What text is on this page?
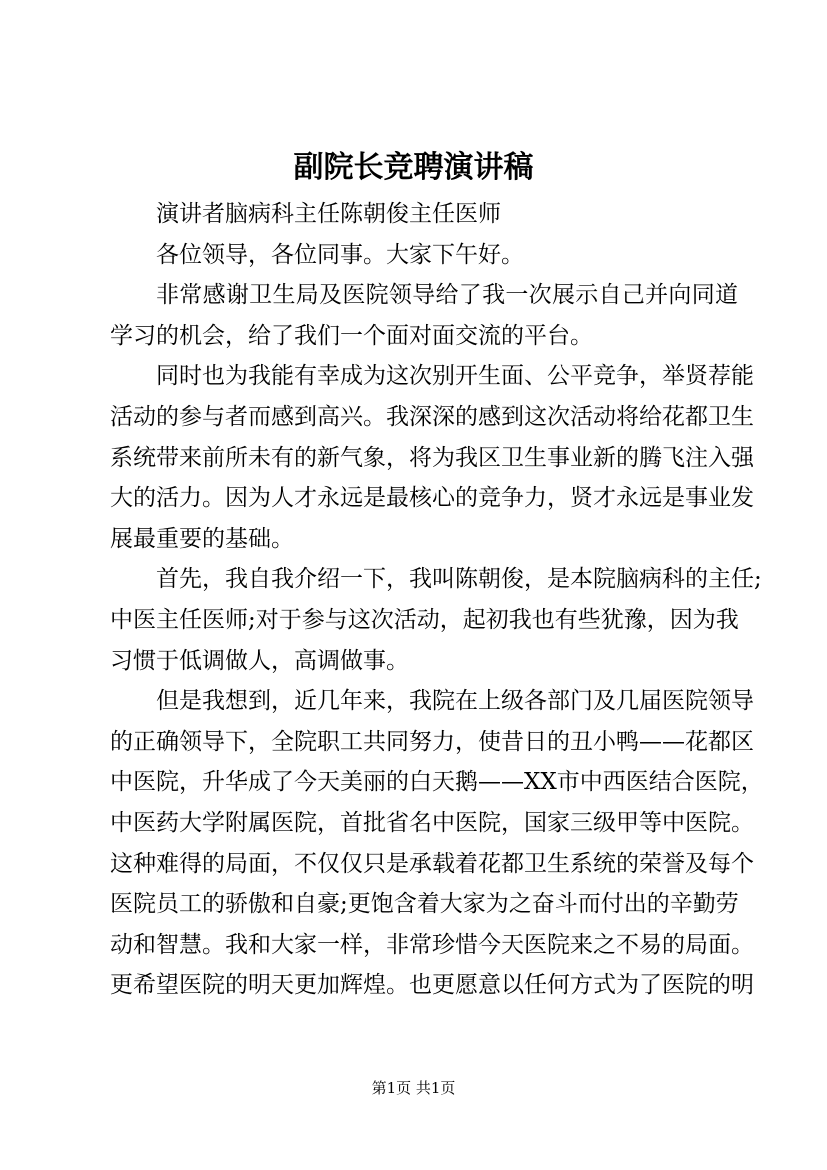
副院长竞聘演讲稿
演讲者脑病科主任陈朝俊主任医师
各位领导，各位同事。大家下午好。
非常感谢卫生局及医院领导给了我一次展示自己并向同道
学习的机会，给了我们一个面对面交流的平台。
同时也为我能有幸成为这次别开生面、公平竞争，举贤荐能
活动的参与者而感到高兴。我深深的感到这次活动将给花都卫生
系统带来前所未有的新气象，将为我区卫生事业新的腾飞注入强
大的活力。因为人才永远是最核心的竞争力，贤才永远是事业发
展最重要的基础。
首先，我自我介绍一下，我叫陈朝俊，是本院脑病科的主任;
中医主任医师;对于参与这次活动，起初我也有些犹豫，因为我
习惯于低调做人，高调做事。
但是我想到，近几年来，我院在上级各部门及几届医院领导
的正确领导下，全院职工共同努力，使昔日的丑小鸭——花都区
中医院，升华成了今天美丽的白天鹅——XX市中西医结合医院，
中医药大学附属医院，首批省名中医院，国家三级甲等中医院。
这种难得的局面，不仅仅只是承载着花都卫生系统的荣誉及每个
医院员工的骄傲和自豪;更饱含着大家为之奋斗而付出的辛勤劳
动和智慧。我和大家一样，非常珍惜今天医院来之不易的局面。
更希望医院的明天更加辉煌。也更愿意以任何方式为了医院的明
第1页 共1页
